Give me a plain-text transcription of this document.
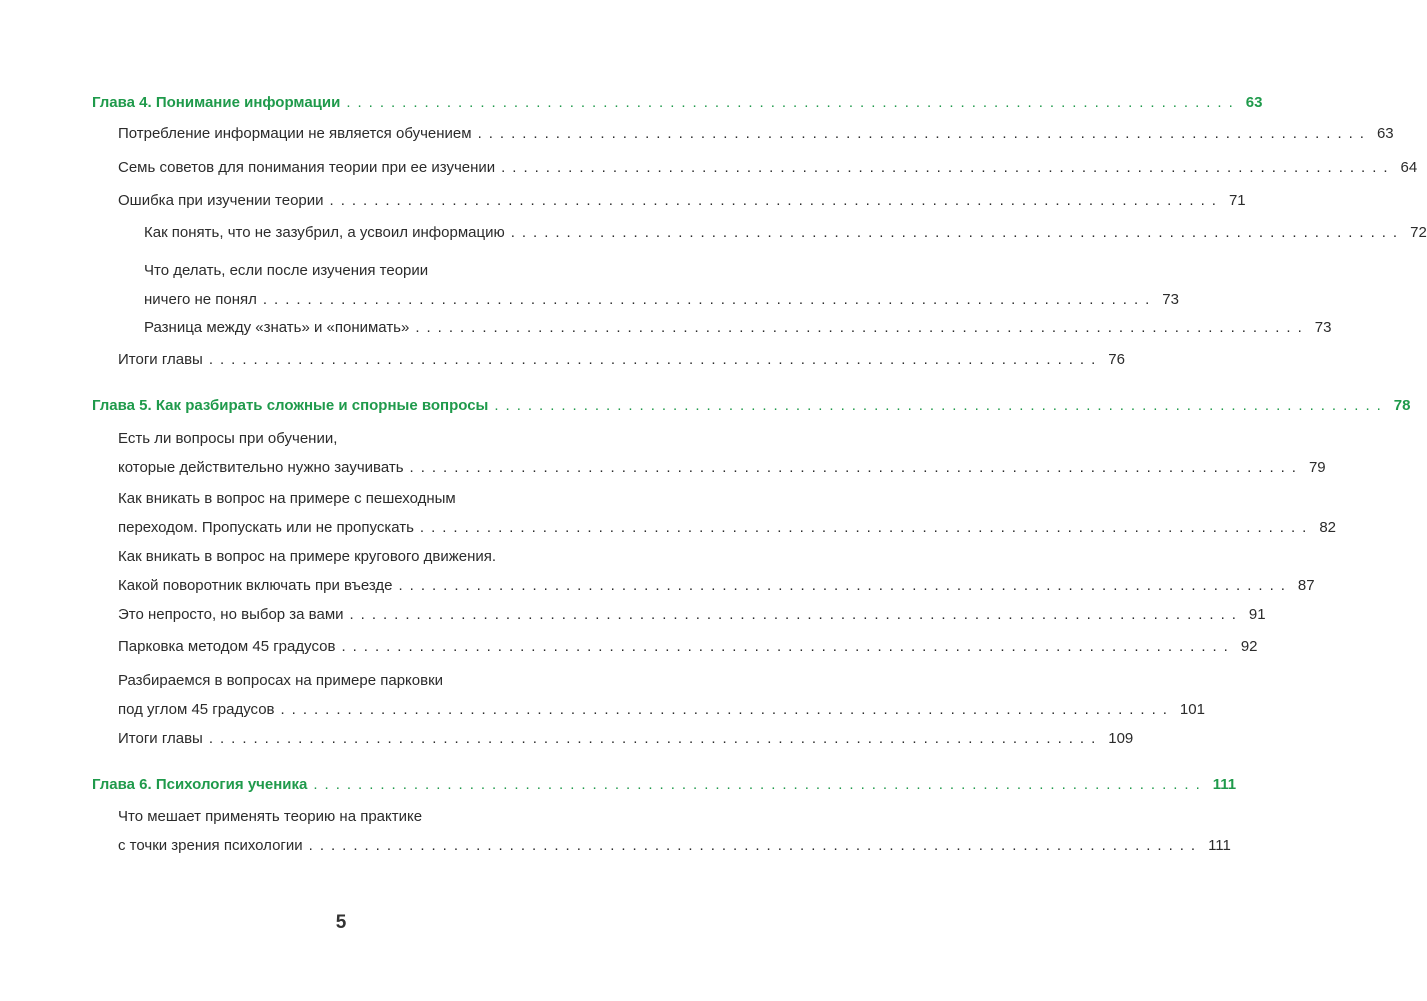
Глава 4. Понимание информации ................................................................................ 63
Потребление информации не является обучением ................................................................................ 63
Семь советов для понимания теории при ее изучении ................................................................................ 64
Ошибка при изучении теории ................................................................................ 71
Как понять, что не зазубрил, а усвоил информацию ................................................................................ 72
Что делать, если после изучения теории
ничего не понял ................................................................................ 73
Разница между «знать» и «понимать» ................................................................................ 73
Итоги главы ................................................................................ 76
Глава 5. Как разбирать сложные и спорные вопросы ................................................................................ 78
Есть ли вопросы при обучении,
которые действительно нужно заучивать ................................................................................ 79
Как вникать в вопрос на примере с пешеходным
переходом. Пропускать или не пропускать ................................................................................ 82
Как вникать в вопрос на примере кругового движения.
Какой поворотник включать при въезде ................................................................................ 87
Это непросто, но выбор за вами ................................................................................ 91
Парковка методом 45 градусов ................................................................................ 92
Разбираемся в вопросах на примере парковки
под углом 45 градусов ................................................................................ 101
Итоги главы ................................................................................ 109
Глава 6. Психология ученика ................................................................................ 111
Что мешает применять теорию на практике
с точки зрения психологии ................................................................................ 111
5
